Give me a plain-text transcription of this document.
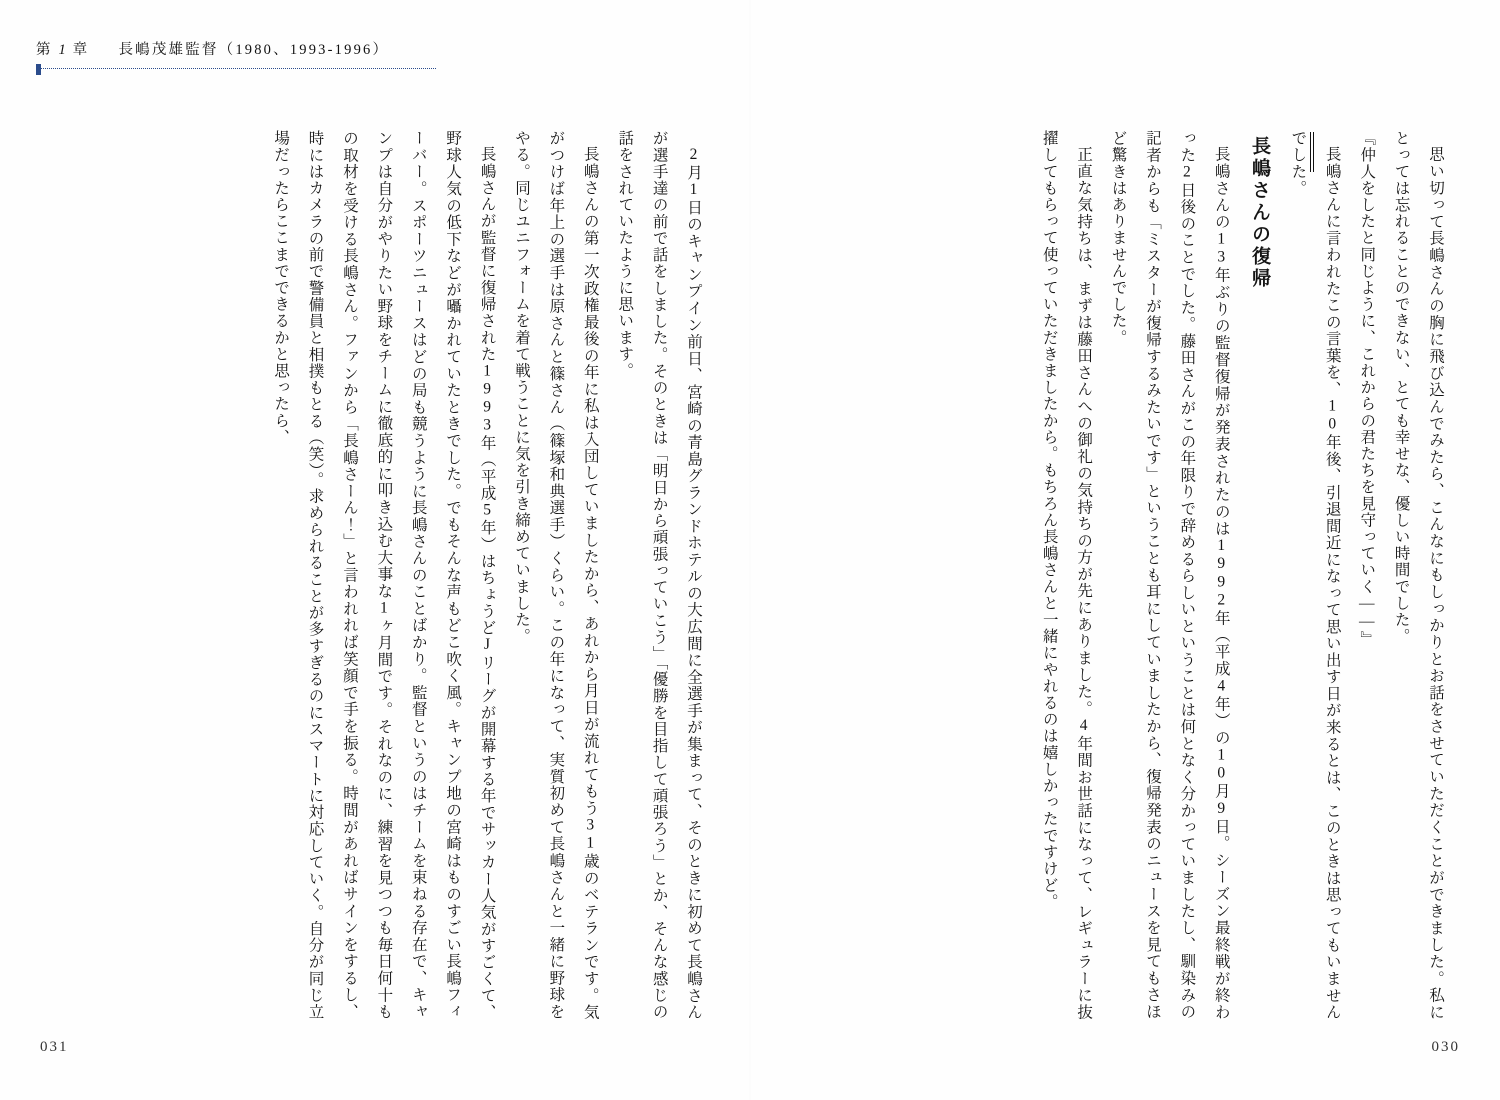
第 1 章 長嶋茂雄監督（1980、1993-1996）

2月1日のキャンプイン前日、宮崎の青島グランドホテルの大広間に全選手が集まって、そのときに初めて長嶋さんが選手達の前で話をしました。そのときは「明日から頑張っていこう」「優勝を目指して頑張ろう」とか、そんな感じの話をされていたように思います。

長嶋さんの第一次政権最後の年に私は入団していましたから、あれから月日が流れてもう31歳のベテランです。気がつけば年上の選手は原さんと篠さん（篠塚和典選手）くらい。この年になって、実質初めて長嶋さんと一緒に野球をやる。同じユニフォームを着て戦うことに気を引き締めていました。

長嶋さんが監督に復帰された1993年（平成5年）はちょうどJリーグが開幕する年でサッカー人気がすごくて、野球人気の低下などが囁かれていたときでした。でもそんな声もどこ吹く風。キャンプ地の宮崎はものすごい長嶋フィーバー。スポーツニュースはどの局も競うように長嶋さんのことばかり。監督というのはチームを束ねる存在で、キャンプは自分がやりたい野球をチームに徹底的に叩き込む大事な1ヶ月間です。それなのに、練習を見つつも毎日何十もの取材を受ける長嶋さん。ファンから「長嶋さーん！」と言われれば笑顔で手を振る。時間があればサインをするし、時にはカメラの前で警備員と相撲もとる（笑）。求められることが多すぎるのにスマートに対応していく。自分が同じ立場だったらここまでできるかと思ったら、

031

思い切って長嶋さんの胸に飛び込んでみたら、こんなにもしっかりとお話をさせていただくことができました。私にとっては忘れることのできない、とても幸せな、優しい時間でした。

『仲人をしたと同じように、これからの君たちを見守っていく――』

長嶋さんに言われたこの言葉を、10年後、引退間近になって思い出す日が来るとは、このときは思ってもいませんでした。

長嶋さんの復帰

長嶋さんの13年ぶりの監督復帰が発表されたのは1992年（平成4年）の10月9日。シーズン最終戦が終わった2日後のことでした。藤田さんがこの年限りで辞めるらしいということは何となく分かっていましたし、馴染みの記者からも「ミスターが復帰するみたいです」ということも耳にしていましたから、復帰発表のニュースを見てもさほど驚きはありませんでした。

正直な気持ちは、まずは藤田さんへの御礼の気持ちの方が先にありました。4年間お世話になって、レギュラーに抜擢してもらって使っていただきましたから。もちろん長嶋さんと一緒にやれるのは嬉しかったですけど。

030
